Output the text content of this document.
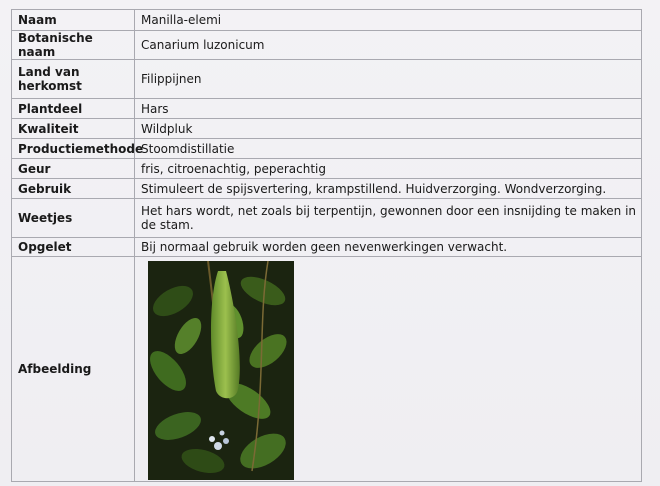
Naam	Manilla-elemi
Botanische naam	Canarium luzonicum
Land van herkomst	Filippijnen
Plantdeel	Hars
Kwaliteit	Wildpluk
Productiemethode	Stoomdistillatie
Geur	fris, citroenachtig, peperachtig
Gebruik	Stimuleert de spijsvertering, krampstillend. Huidverzorging. Wondverzorging.
Weetjes	Het hars wordt, net zoals bij terpentijn, gewonnen door een insnijding te maken in de stam.
Opgelet	Bij normaal gebruik worden geen nevenwerkingen verwacht.
Afbeelding	
